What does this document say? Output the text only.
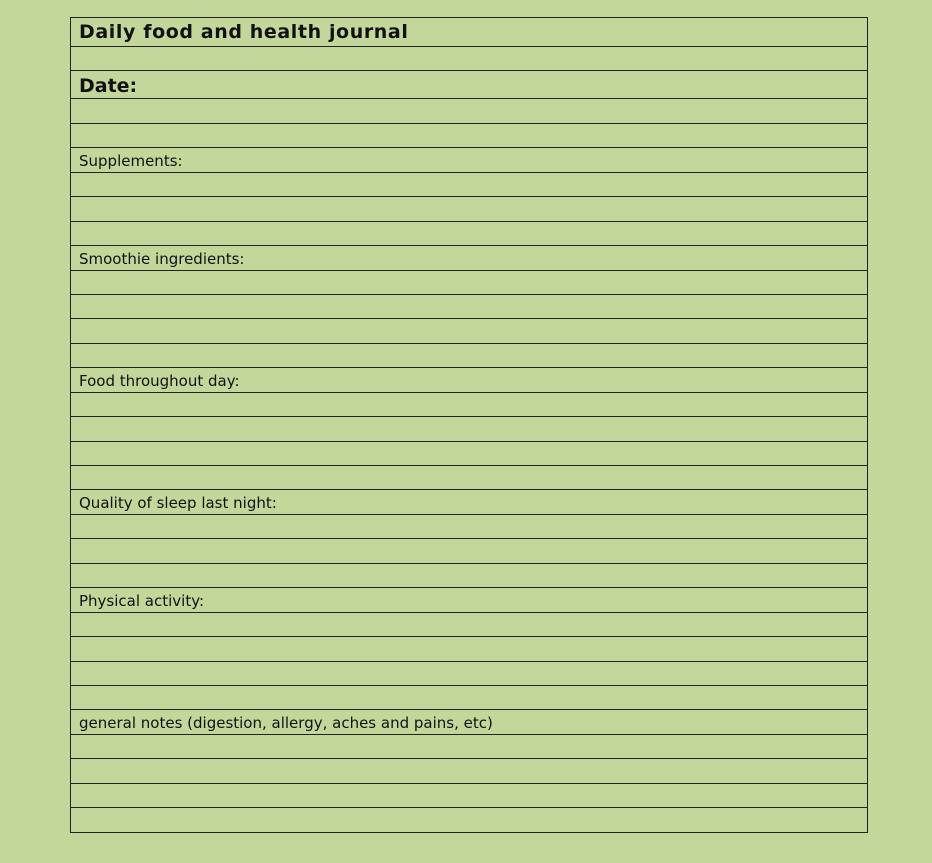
Daily food and health journal
Date:
Supplements:
Smoothie ingredients:
Food throughout day:
Quality of sleep last night:
Physical activity:
general notes (digestion, allergy, aches and pains, etc)
